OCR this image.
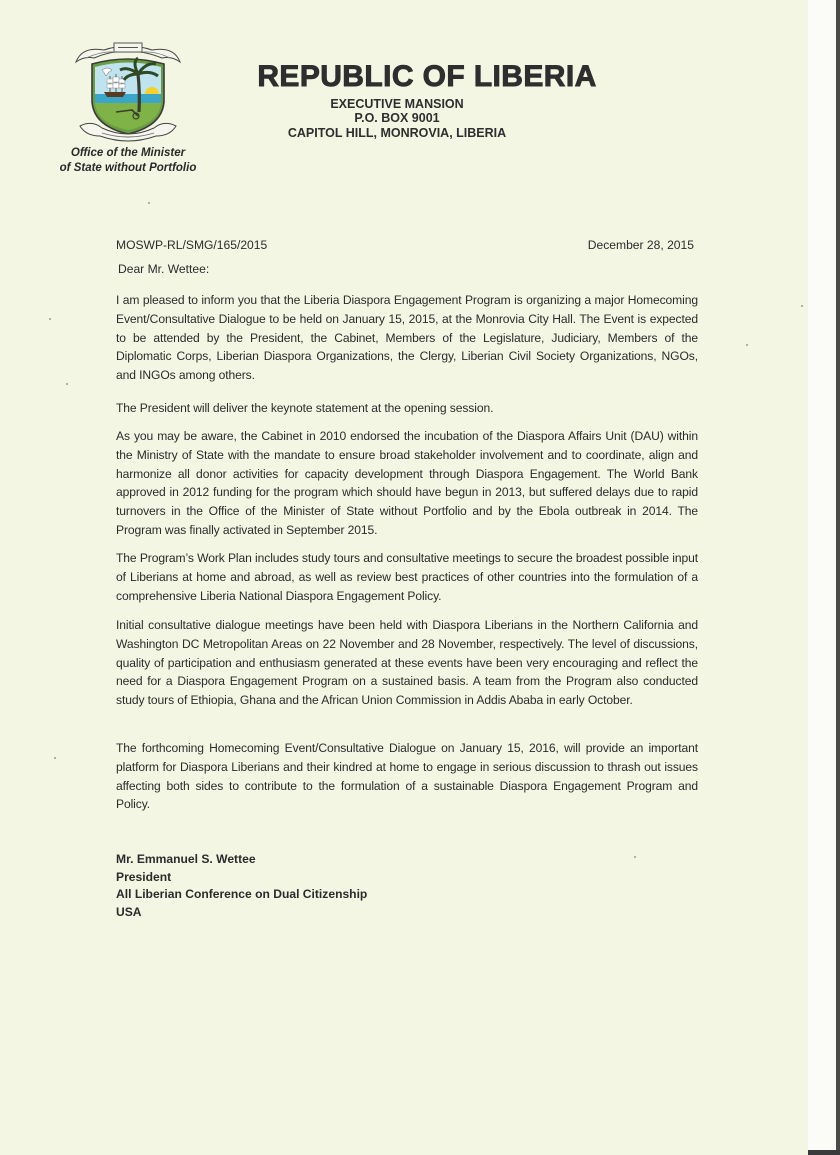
Office of the Minister
of State without Portfolio
REPUBLIC OF LIBERIA
EXECUTIVE MANSION
P.O. BOX 9001
CAPITOL HILL, MONROVIA, LIBERIA
MOSWP-RL/SMG/165/2015	December 28, 2015
Dear Mr. Wettee:
I am pleased to inform you that the Liberia Diaspora Engagement Program is organizing a major Homecoming Event/Consultative Dialogue to be held on January 15, 2015, at the Monrovia City Hall. The Event is expected to be attended by the President, the Cabinet, Members of the Legislature, Judiciary, Members of the Diplomatic Corps, Liberian Diaspora Organizations, the Clergy, Liberian Civil Society Organizations, NGOs, and INGOs among others.
The President will deliver the keynote statement at the opening session.
As you may be aware, the Cabinet in 2010 endorsed the incubation of the Diaspora Affairs Unit (DAU) within the Ministry of State with the mandate to ensure broad stakeholder involvement and to coordinate, align and harmonize all donor activities for capacity development through Diaspora Engagement. The World Bank approved in 2012 funding for the program which should have begun in 2013, but suffered delays due to rapid turnovers in the Office of the Minister of State without Portfolio and by the Ebola outbreak in 2014. The Program was finally activated in September 2015.
The Program’s Work Plan includes study tours and consultative meetings to secure the broadest possible input of Liberians at home and abroad, as well as review best practices of other countries into the formulation of a comprehensive Liberia National Diaspora Engagement Policy.
Initial consultative dialogue meetings have been held with Diaspora Liberians in the Northern California and Washington DC Metropolitan Areas on 22 November and 28 November, respectively. The level of discussions, quality of participation and enthusiasm generated at these events have been very encouraging and reflect the need for a Diaspora Engagement Program on a sustained basis. A team from the Program also conducted study tours of Ethiopia, Ghana and the African Union Commission in Addis Ababa in early October.
The forthcoming Homecoming Event/Consultative Dialogue on January 15, 2016, will provide an important platform for Diaspora Liberians and their kindred at home to engage in serious discussion to thrash out issues affecting both sides to contribute to the formulation of a sustainable Diaspora Engagement Program and Policy.
Mr. Emmanuel S. Wettee
President
All Liberian Conference on Dual Citizenship
USA
